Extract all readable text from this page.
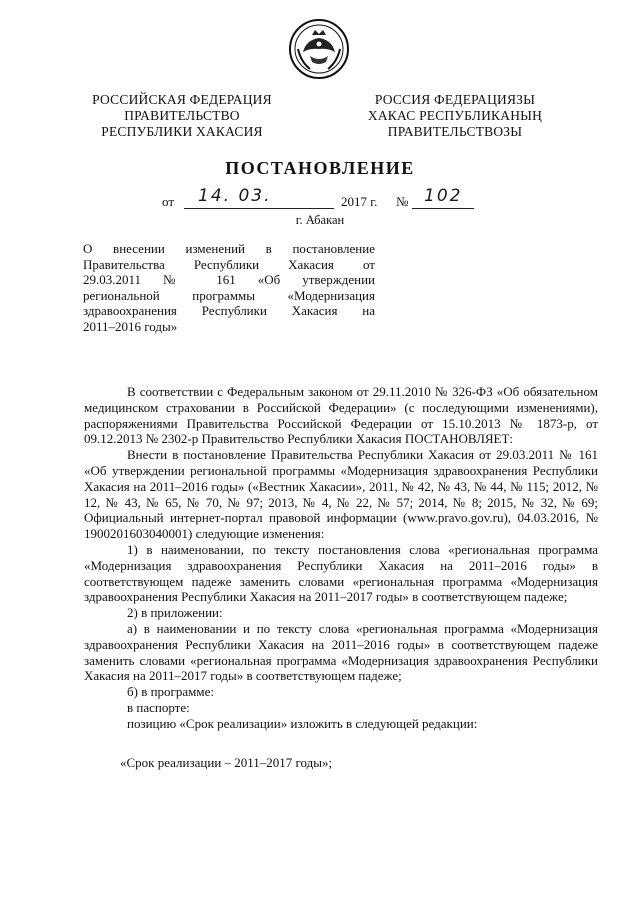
РОССИЙСКАЯ ФЕДЕРАЦИЯ
ПРАВИТЕЛЬСТВО
РЕСПУБЛИКИ ХАКАСИЯ
РОССИЯ ФЕДЕРАЦИЯЗЫ
ХАКАС РЕСПУБЛИКАНЫҢ
ПРАВИТЕЛЬСТВОЗЫ
ПОСТАНОВЛЕНИЕ
от 14. 03.	2017 г. № 102
г. Абакан

О внесении изменений в постановление

Правительства Республики Хакасия от

29.03.2011 № 161 «Об утверждении

региональной программы «Модернизация

здравоохранения Республики Хакасия на

2011–2016 годы»

В соответствии с Федеральным законом от 29.11.2010 № 326-ФЗ «Об обязательном медицинском страховании в Российской Федерации» (с последующими изменениями), распоряжениями Правительства Российской Федерации от 15.10.2013 № 1873-р, от 09.12.2013 № 2302-р Правительство Республики Хакасия ПОСТАНОВЛЯЕТ:

Внести в постановление Правительства Республики Хакасия от 29.03.2011 № 161 «Об утверждении региональной программы «Модернизация здравоохранения Республики Хакасия на 2011–2016 годы» («Вестник Хакасии», 2011, № 42, № 43, № 44, № 115; 2012, № 12, № 43, № 65, № 70, № 97; 2013, № 4, № 22, № 57; 2014, № 8; 2015, № 32, № 69; Официальный интернет-портал правовой информации (www.pravo.gov.ru), 04.03.2016, № 1900201603040001) следующие изменения:

1) в наименовании, по тексту постановления слова «региональная программа «Модернизация здравоохранения Республики Хакасия на 2011–2016 годы» в соответствующем падеже заменить словами «региональная программа «Модернизация здравоохранения Республики Хакасия на 2011–2017 годы» в соответствующем падеже;

2) в приложении:

а) в наименовании и по тексту слова «региональная программа «Модернизация здравоохранения Республики Хакасия на 2011–2016 годы» в соответствующем падеже заменить словами «региональная программа «Модернизация здравоохранения Республики Хакасия на 2011–2017 годы» в соответствующем падеже;

б) в программе:

в паспорте:

позицию «Срок реализации» изложить в следующей редакции:

«Срок реализации – 2011–2017 годы»;
